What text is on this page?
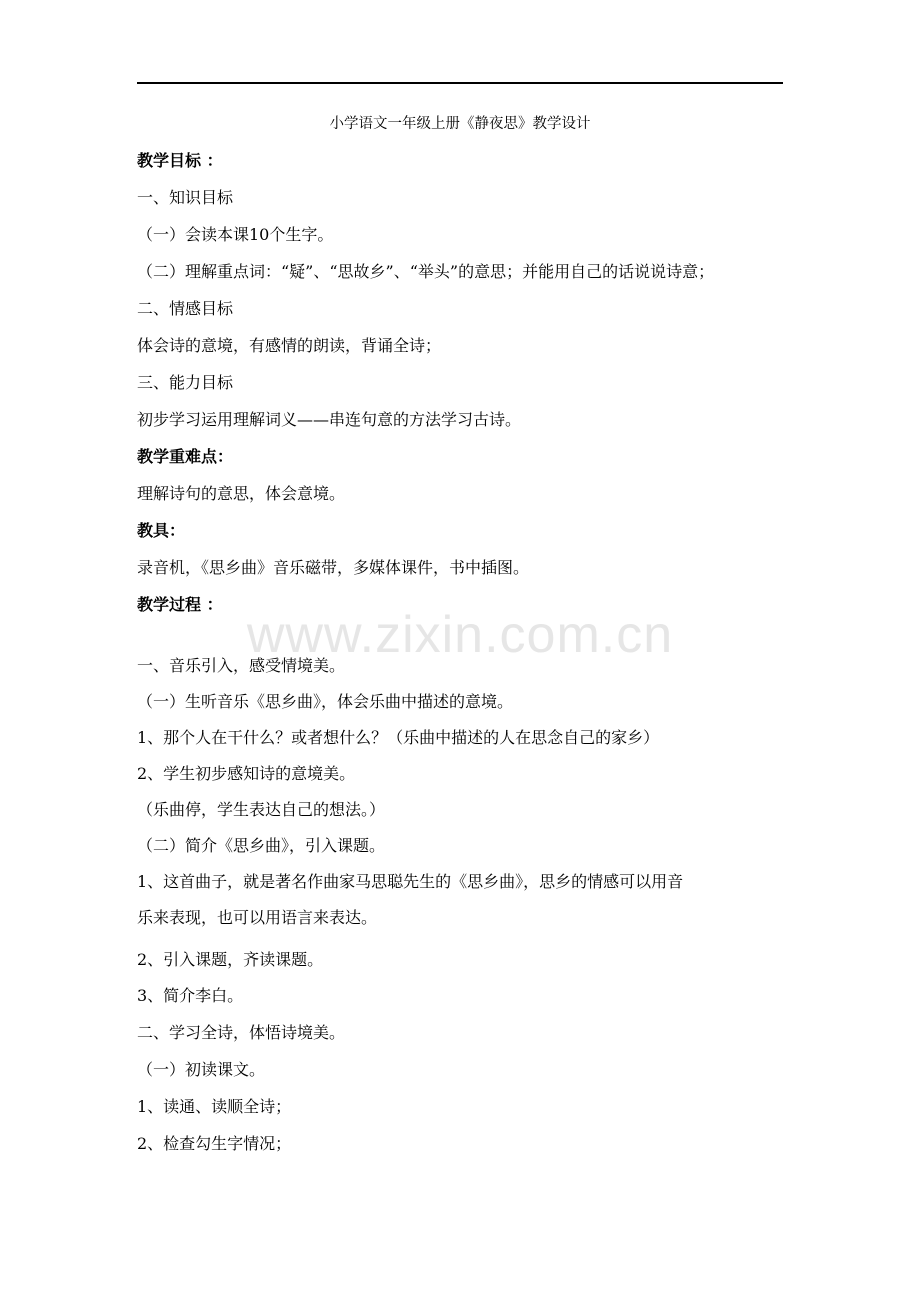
小学语文一年级上册《静夜思》教学设计
www.zixin.com.cn
教学目标 ：
一、知识目标
（一）会读本课10个生字。
（二）理解重点词：“疑”、“思故乡”、“举头”的意思；并能用自己的话说说诗意；
二、情感目标
体会诗的意境，有感情的朗读，背诵全诗；
三、能力目标
初步学习运用理解词义——串连句意的方法学习古诗。
教学重难点：
理解诗句的意思，体会意境。
教具：
录音机，《思乡曲》音乐磁带，多媒体课件，书中插图。
教学过程 ：
一、音乐引入，感受情境美。
（一）生听音乐《思乡曲》，体会乐曲中描述的意境。
1、那个人在干什么？或者想什么？（乐曲中描述的人在思念自己的家乡）
2、学生初步感知诗的意境美。
（乐曲停，学生表达自己的想法。）
（二）简介《思乡曲》，引入课题。
1、这首曲子，就是著名作曲家马思聪先生的《思乡曲》，思乡的情感可以用音
乐来表现，也可以用语言来表达。
2、引入课题，齐读课题。
3、简介李白。
二、学习全诗，体悟诗境美。
（一）初读课文。
1、读通、读顺全诗；
2、检查勾生字情况；
